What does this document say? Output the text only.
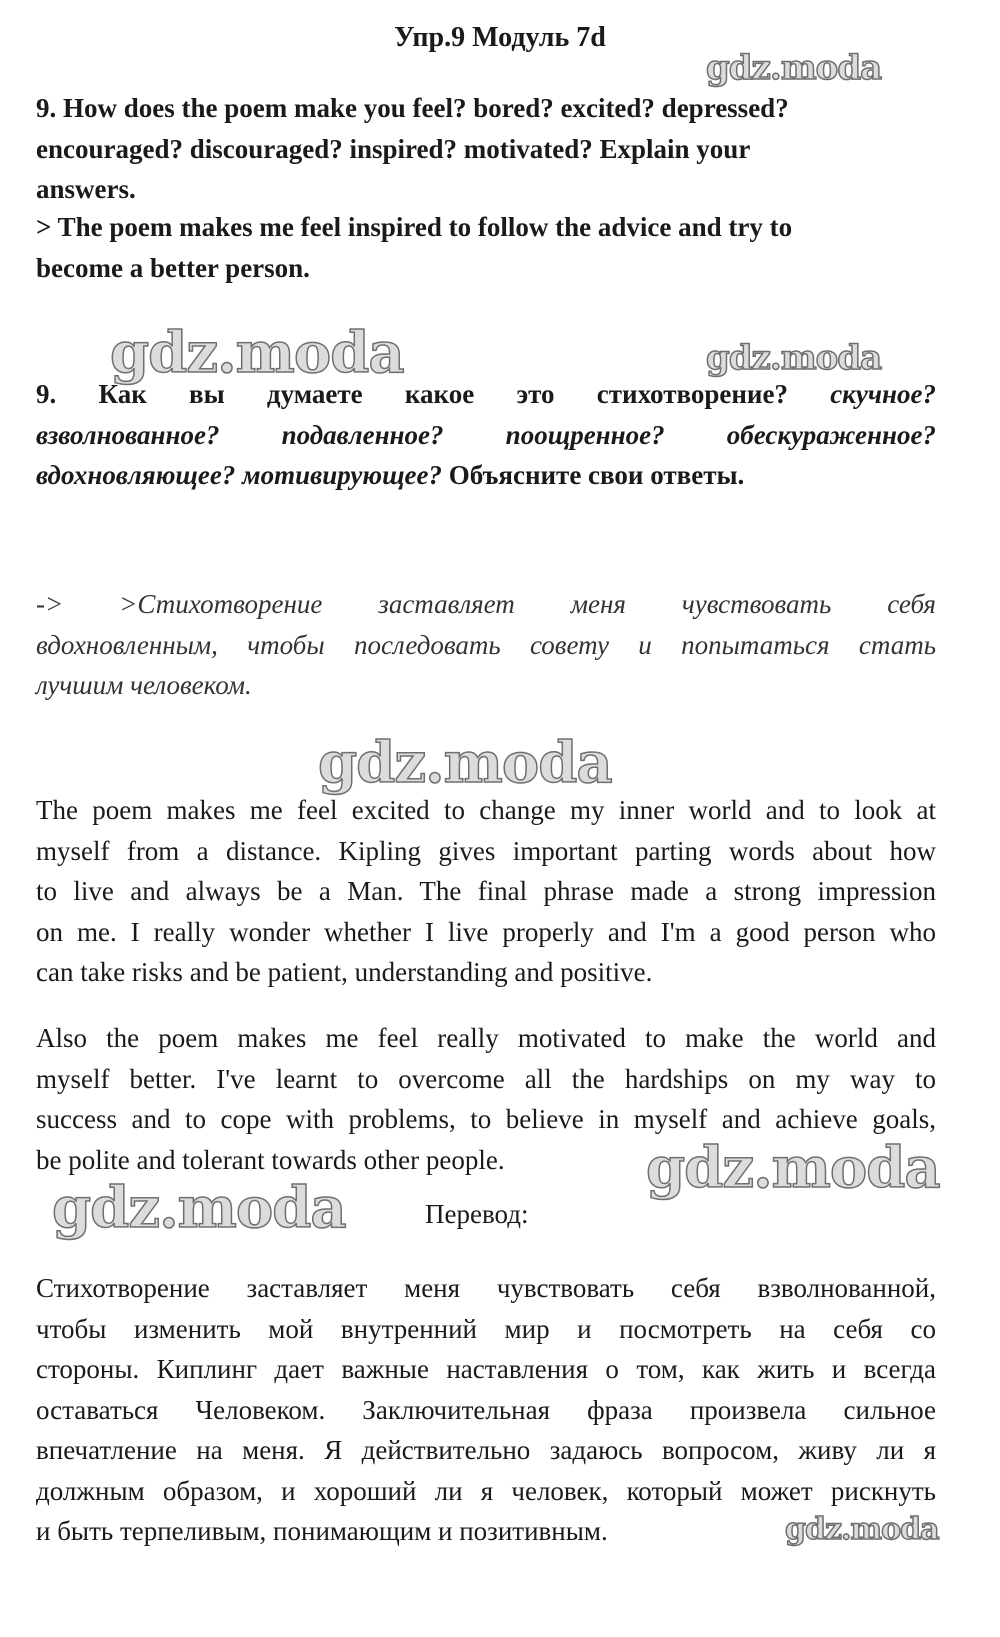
Упр.9 Модуль 7d
gdz.moda
gdz.moda	gdz.moda
gdz.moda
gdz.moda
gdz.moda
gdz.moda
9. How does the poem make you feel? bored? excited? depressed?
encouraged? discouraged? inspired? motivated? Explain your
answers.
> The poem makes me feel inspired to follow the advice and try to
become a better person.
9. Как вы думаете какое это стихотворение? скучное?
взволнованное? подавленное? поощренное? обескураженное?
вдохновляющее? мотивирующее? Объясните свои ответы.
-> >Стихотворение заставляет меня чувствовать себя
вдохновленным, чтобы последовать совету и попытаться стать
лучшим человеком.
The poem makes me feel excited to change my inner world and to look at
myself from a distance. Kipling gives important parting words about how
to live and always be a Man. The final phrase made a strong impression
on me. I really wonder whether I live properly and I'm a good person who
can take risks and be patient, understanding and positive.
Also the poem makes me feel really motivated to make the world and
myself better. I've learnt to overcome all the hardships on my way to
success and to cope with problems, to believe in myself and achieve goals,
be polite and tolerant towards other people.
Перевод:
Стихотворение заставляет меня чувствовать себя взволнованной,
чтобы изменить мой внутренний мир и посмотреть на себя со
стороны. Киплинг дает важные наставления о том, как жить и всегда
оставаться Человеком. Заключительная фраза произвела сильное
впечатление на меня. Я действительно задаюсь вопросом, живу ли я
должным образом, и хороший ли я человек, который может рискнуть
и быть терпеливым, понимающим и позитивным.
